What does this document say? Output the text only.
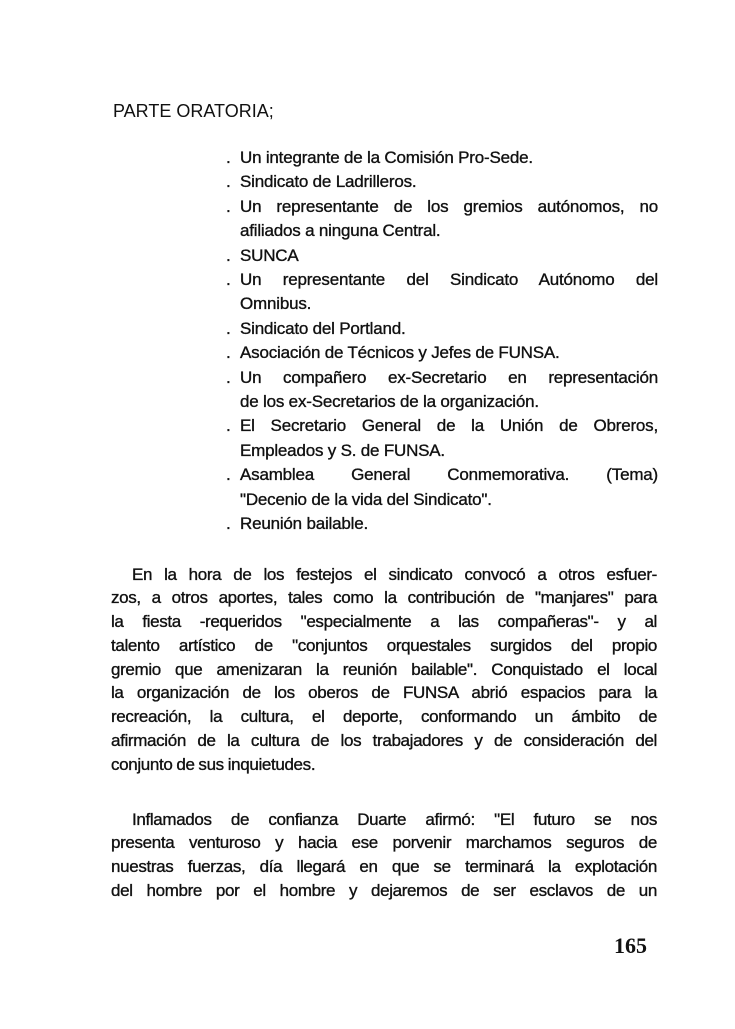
PARTE ORATORIA;
. Un integrante de la Comisión Pro-Sede.
. Sindicato de Ladrilleros.
. Un representante de los gremios autónomos, no
afiliados a ninguna Central.
. SUNCA
. Un representante del Sindicato Autónomo del
Omnibus.
. Sindicato del Portland.
. Asociación de Técnicos y Jefes de FUNSA.
. Un compañero ex-Secretario en representación
de los ex-Secretarios de la organización.
. El Secretario General de la Unión de Obreros,
Empleados y S. de FUNSA.
. Asamblea General Conmemorativa. (Tema)
"Decenio de la vida del Sindicato".
. Reunión bailable.
En la hora de los festejos el sindicato convocó a otros esfuer-
zos, a otros aportes, tales como la contribución de "manjares" para
la fiesta -requeridos "especialmente a las compañeras"- y al
talento artístico de "conjuntos orquestales surgidos del propio
gremio que amenizaran la reunión bailable". Conquistado el local
la organización de los oberos de FUNSA abrió espacios para la
recreación, la cultura, el deporte, conformando un ámbito de
afirmación de la cultura de los trabajadores y de consideración del
conjunto de sus inquietudes.
Inflamados de confianza Duarte afirmó: "El futuro se nos
presenta venturoso y hacia ese porvenir marchamos seguros de
nuestras fuerzas, día llegará en que se terminará la explotación
del hombre por el hombre y dejaremos de ser esclavos de un
165
